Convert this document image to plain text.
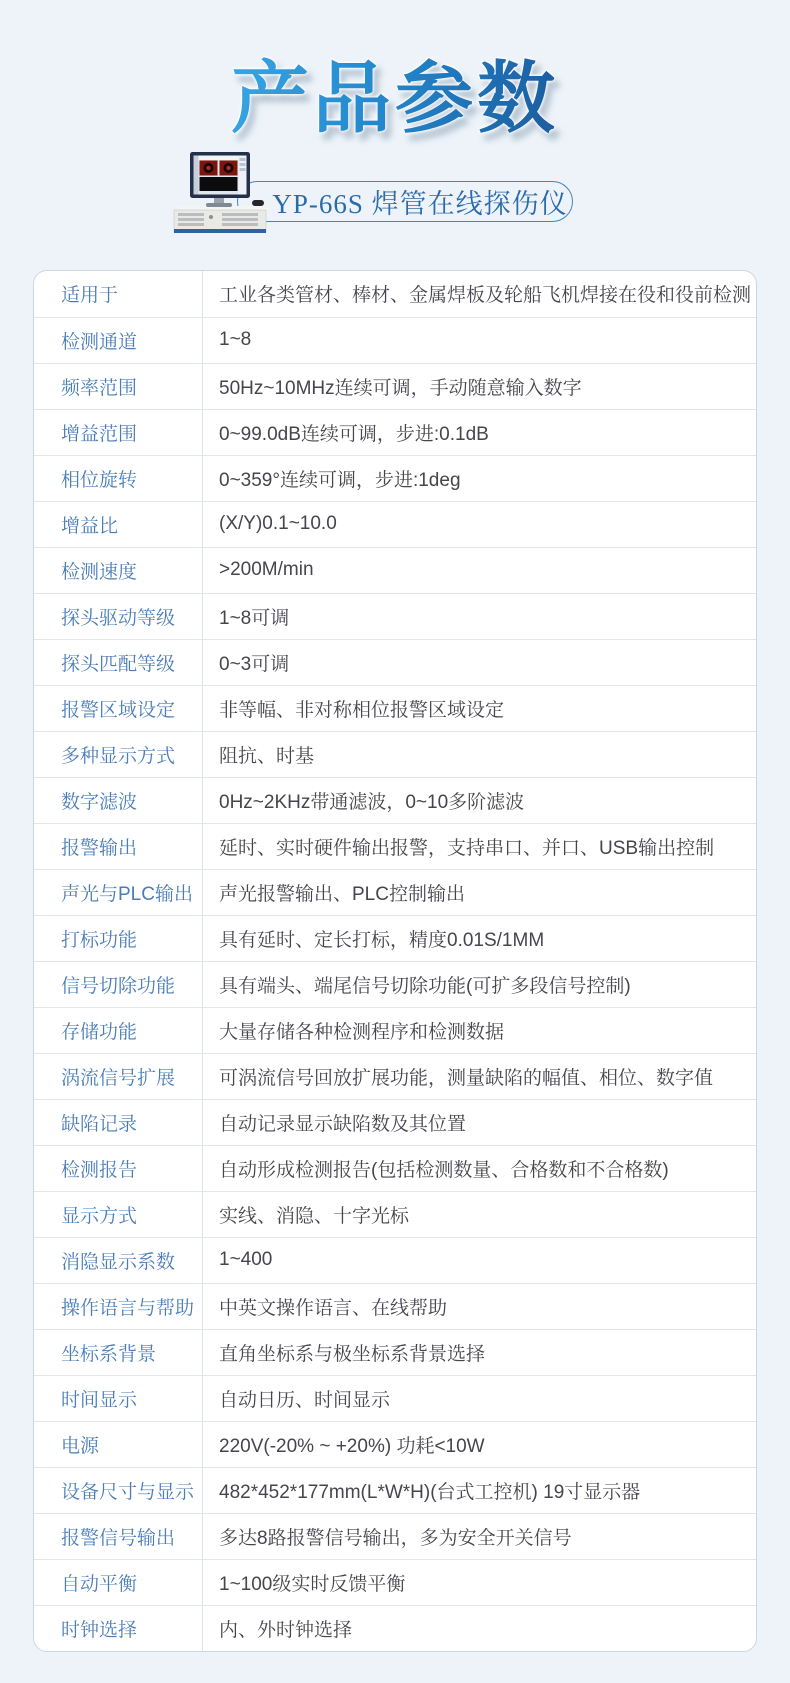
产品参数
YP-66S 焊管在线探伤仪
适用于	工业各类管材、棒材、金属焊板及轮船飞机焊接在役和役前检测
检测通道	1~8
频率范围	50Hz~10MHz连续可调，手动随意输入数字
增益范围	0~99.0dB连续可调，步进:0.1dB
相位旋转	0~359°连续可调，步进:1deg
增益比	(X/Y)0.1~10.0
检测速度	>200M/min
探头驱动等级	1~8可调
探头匹配等级	0~3可调
报警区域设定	非等幅、非对称相位报警区域设定
多种显示方式	阻抗、时基
数字滤波	0Hz~2KHz带通滤波，0~10多阶滤波
报警输出	延时、实时硬件输出报警，支持串口、并口、USB输出控制
声光与PLC输出	声光报警输出、PLC控制输出
打标功能	具有延时、定长打标，精度0.01S/1MM
信号切除功能	具有端头、端尾信号切除功能(可扩多段信号控制)
存储功能	大量存储各种检测程序和检测数据
涡流信号扩展	可涡流信号回放扩展功能，测量缺陷的幅值、相位、数字值
缺陷记录	自动记录显示缺陷数及其位置
检测报告	自动形成检测报告(包括检测数量、合格数和不合格数)
显示方式	实线、消隐、十字光标
消隐显示系数	1~400
操作语言与帮助	中英文操作语言、在线帮助
坐标系背景	直角坐标系与极坐标系背景选择
时间显示	自动日历、时间显示
电源	220V(-20% ~ +20%) 功耗<10W
设备尺寸与显示	482*452*177mm(L*W*H)(台式工控机) 19寸显示器
报警信号输出	多达8路报警信号输出，多为安全开关信号
自动平衡	1~100级实时反馈平衡
时钟选择	内、外时钟选择
